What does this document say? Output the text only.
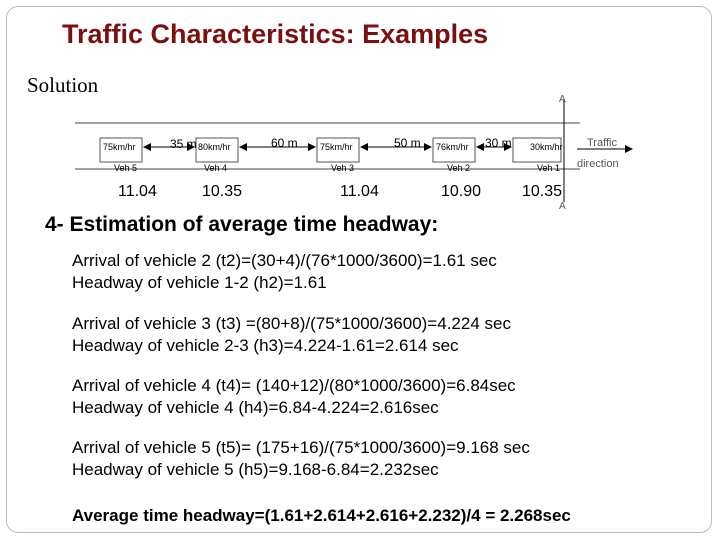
Traffic Characteristics: Examples
Solution
A
A
75km/hr
Veh 5
80km/hr
Veh 4
75km/hr
Veh 3
76km/hr
Veh 2
30km/hr
Veh 1
35 m	60 m	50 m	30 m	Traffic
direction
11.04	10.35	11.04	10.90	10.35
4- Estimation of average time headway:
Arrival of vehicle 2 (t2)=(30+4)/(76*1000/3600)=1.61 sec
Headway of vehicle 1-2 (h2)=1.61
Arrival of vehicle 3 (t3) =(80+8)/(75*1000/3600)=4.224 sec
Headway of vehicle 2-3 (h3)=4.224-1.61=2.614 sec
Arrival of vehicle 4 (t4)= (140+12)/(80*1000/3600)=6.84sec
Headway of vehicle 4 (h4)=6.84-4.224=2.616sec
Arrival of vehicle 5 (t5)= (175+16)/(75*1000/3600)=9.168 sec
Headway of vehicle 5 (h5)=9.168-6.84=2.232sec
Average time headway=(1.61+2.614+2.616+2.232)/4 = 2.268sec
